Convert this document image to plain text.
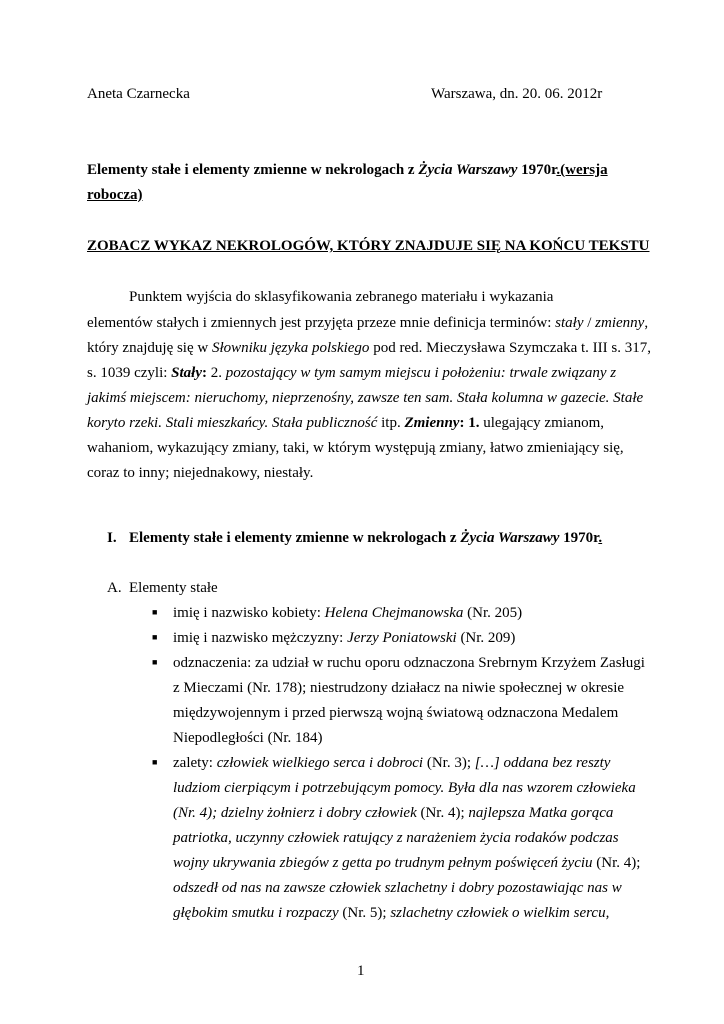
Aneta Czarnecka	Warszawa, dn. 20. 06. 2012r
Elementy stałe i elementy zmienne w nekrologach z Życia Warszawy 1970r.(wersja
robocza)
ZOBACZ WYKAZ NEKROLOGÓW, KTÓRY ZNAJDUJE SIĘ NA KOŃCU TEKSTU
Punktem wyjścia do sklasyfikowania zebranego materiału i wykazania
elementów stałych i zmiennych jest przyjęta przeze mnie definicja terminów: stały / zmienny,
który znajduję się w Słowniku języka polskiego pod red. Mieczysława Szymczaka t. III s. 317,
s. 1039 czyli: Stały: 2. pozostający w tym samym miejscu i położeniu: trwale związany z
jakimś miejscem: nieruchomy, nieprzenośny, zawsze ten sam. Stała kolumna w gazecie. Stałe
koryto rzeki. Stali mieszkańcy. Stała publiczność itp. Zmienny: 1. ulegający zmianom,
wahaniom, wykazujący zmiany, taki, w którym występują zmiany, łatwo zmieniający się,
coraz to inny; niejednakowy, niestały.
I. Elementy stałe i elementy zmienne w nekrologach z Życia Warszawy 1970r.
A. Elementy stałe
■ imię i nazwisko kobiety: Helena Chejmanowska (Nr. 205)
■ imię i nazwisko mężczyzny: Jerzy Poniatowski (Nr. 209)
■ odznaczenia: za udział w ruchu oporu odznaczona Srebrnym Krzyżem Zasługi
z Mieczami (Nr. 178); niestrudzony działacz na niwie społecznej w okresie
międzywojennym i przed pierwszą wojną światową odznaczona Medalem
Niepodległości (Nr. 184)
■ zalety: człowiek wielkiego serca i dobroci (Nr. 3); […] oddana bez reszty
ludziom cierpiącym i potrzebującym pomocy. Była dla nas wzorem człowieka
(Nr. 4); dzielny żołnierz i dobry człowiek (Nr. 4); najlepsza Matka gorąca
patriotka, uczynny człowiek ratujący z narażeniem życia rodaków podczas
wojny ukrywania zbiegów z getta po trudnym pełnym poświęceń życiu (Nr. 4);
odszedł od nas na zawsze człowiek szlachetny i dobry pozostawiając nas w
głębokim smutku i rozpaczy (Nr. 5); szlachetny człowiek o wielkim sercu,
1
